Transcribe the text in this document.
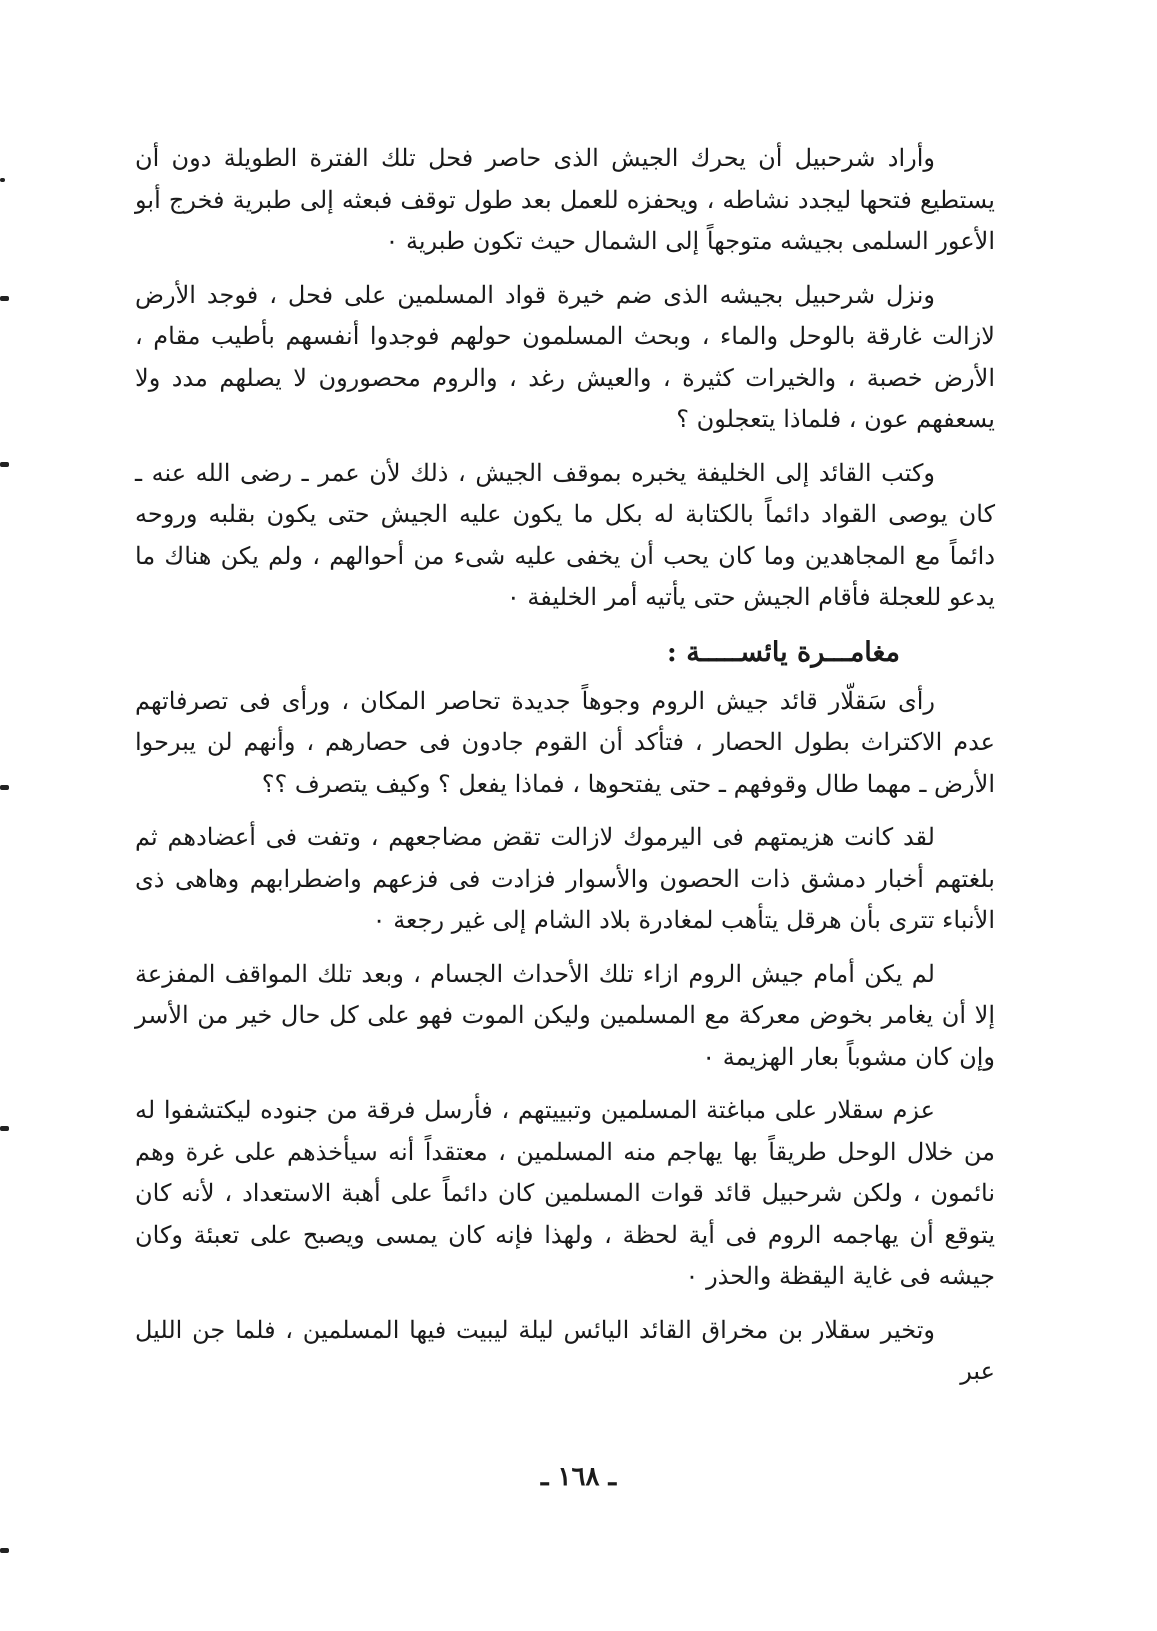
وأراد شرحبيل أن يحرك الجيش الذى حاصر فحل تلك الفترة الطويلة دون أن يستطيع فتحها ليجدد نشاطه ، ويحفزه للعمل بعد طول توقف فبعثه إلى طبرية فخرج أبو الأعور السلمى بجيشه متوجهاً إلى الشمال حيث تكون طبرية ٠

ونزل شرحبيل بجيشه الذى ضم خيرة قواد المسلمين على فحل ، فوجد الأرض لازالت غارقة بالوحل والماء ، وبحث المسلمون حولهم فوجدوا أنفسهم بأطيب مقام ، الأرض خصبة ، والخيرات كثيرة ، والعيش رغد ، والروم محصورون لا يصلهم مدد ولا يسعفهم عون ، فلماذا يتعجلون ؟

وكتب القائد إلى الخليفة يخبره بموقف الجيش ، ذلك لأن عمر ـ رضى الله عنه ـ كان يوصى القواد دائماً بالكتابة له بكل ما يكون عليه الجيش حتى يكون بقلبه وروحه دائماً مع المجاهدين وما كان يحب أن يخفى عليه شىء من أحوالهم ، ولم يكن هناك ما يدعو للعجلة فأقام الجيش حتى يأتيه أمر الخليفة ٠

مغامـــرة يائســـــة :

رأى سَقلّار قائد جيش الروم وجوهاً جديدة تحاصر المكان ، ورأى فى تصرفاتهم عدم الاكتراث بطول الحصار ، فتأكد أن القوم جادون فى حصارهم ، وأنهم لن يبرحوا الأرض ـ مهما طال وقوفهم ـ حتى يفتحوها ، فماذا يفعل ؟ وكيف يتصرف ؟؟

لقد كانت هزيمتهم فى اليرموك لازالت تقض مضاجعهم ، وتفت فى أعضادهم ثم بلغتهم أخبار دمشق ذات الحصون والأسوار فزادت فى فزعهم واضطرابهم وهاهى ذى الأنباء تترى بأن هرقل يتأهب لمغادرة بلاد الشام إلى غير رجعة ٠

لم يكن أمام جيش الروم ازاء تلك الأحداث الجسام ، وبعد تلك المواقف المفزعة إلا أن يغامر بخوض معركة مع المسلمين وليكن الموت فهو على كل حال خير من الأسر وإن كان مشوباً بعار الهزيمة ٠

عزم سقلار على مباغتة المسلمين وتبييتهم ، فأرسل فرقة من جنوده ليكتشفوا له من خلال الوحل طريقاً بها يهاجم منه المسلمين ، معتقداً أنه سيأخذهم على غرة وهم نائمون ، ولكن شرحبيل قائد قوات المسلمين كان دائماً على أهبة الاستعداد ، لأنه كان يتوقع أن يهاجمه الروم فى أية لحظة ، ولهذا فإنه كان يمسى ويصبح على تعبئة وكان جيشه فى غاية اليقظة والحذر ٠

وتخير سقلار بن مخراق القائد اليائس ليلة ليبيت فيها المسلمين ، فلما جن الليل عبر

ـ ١٦٨ ـ
